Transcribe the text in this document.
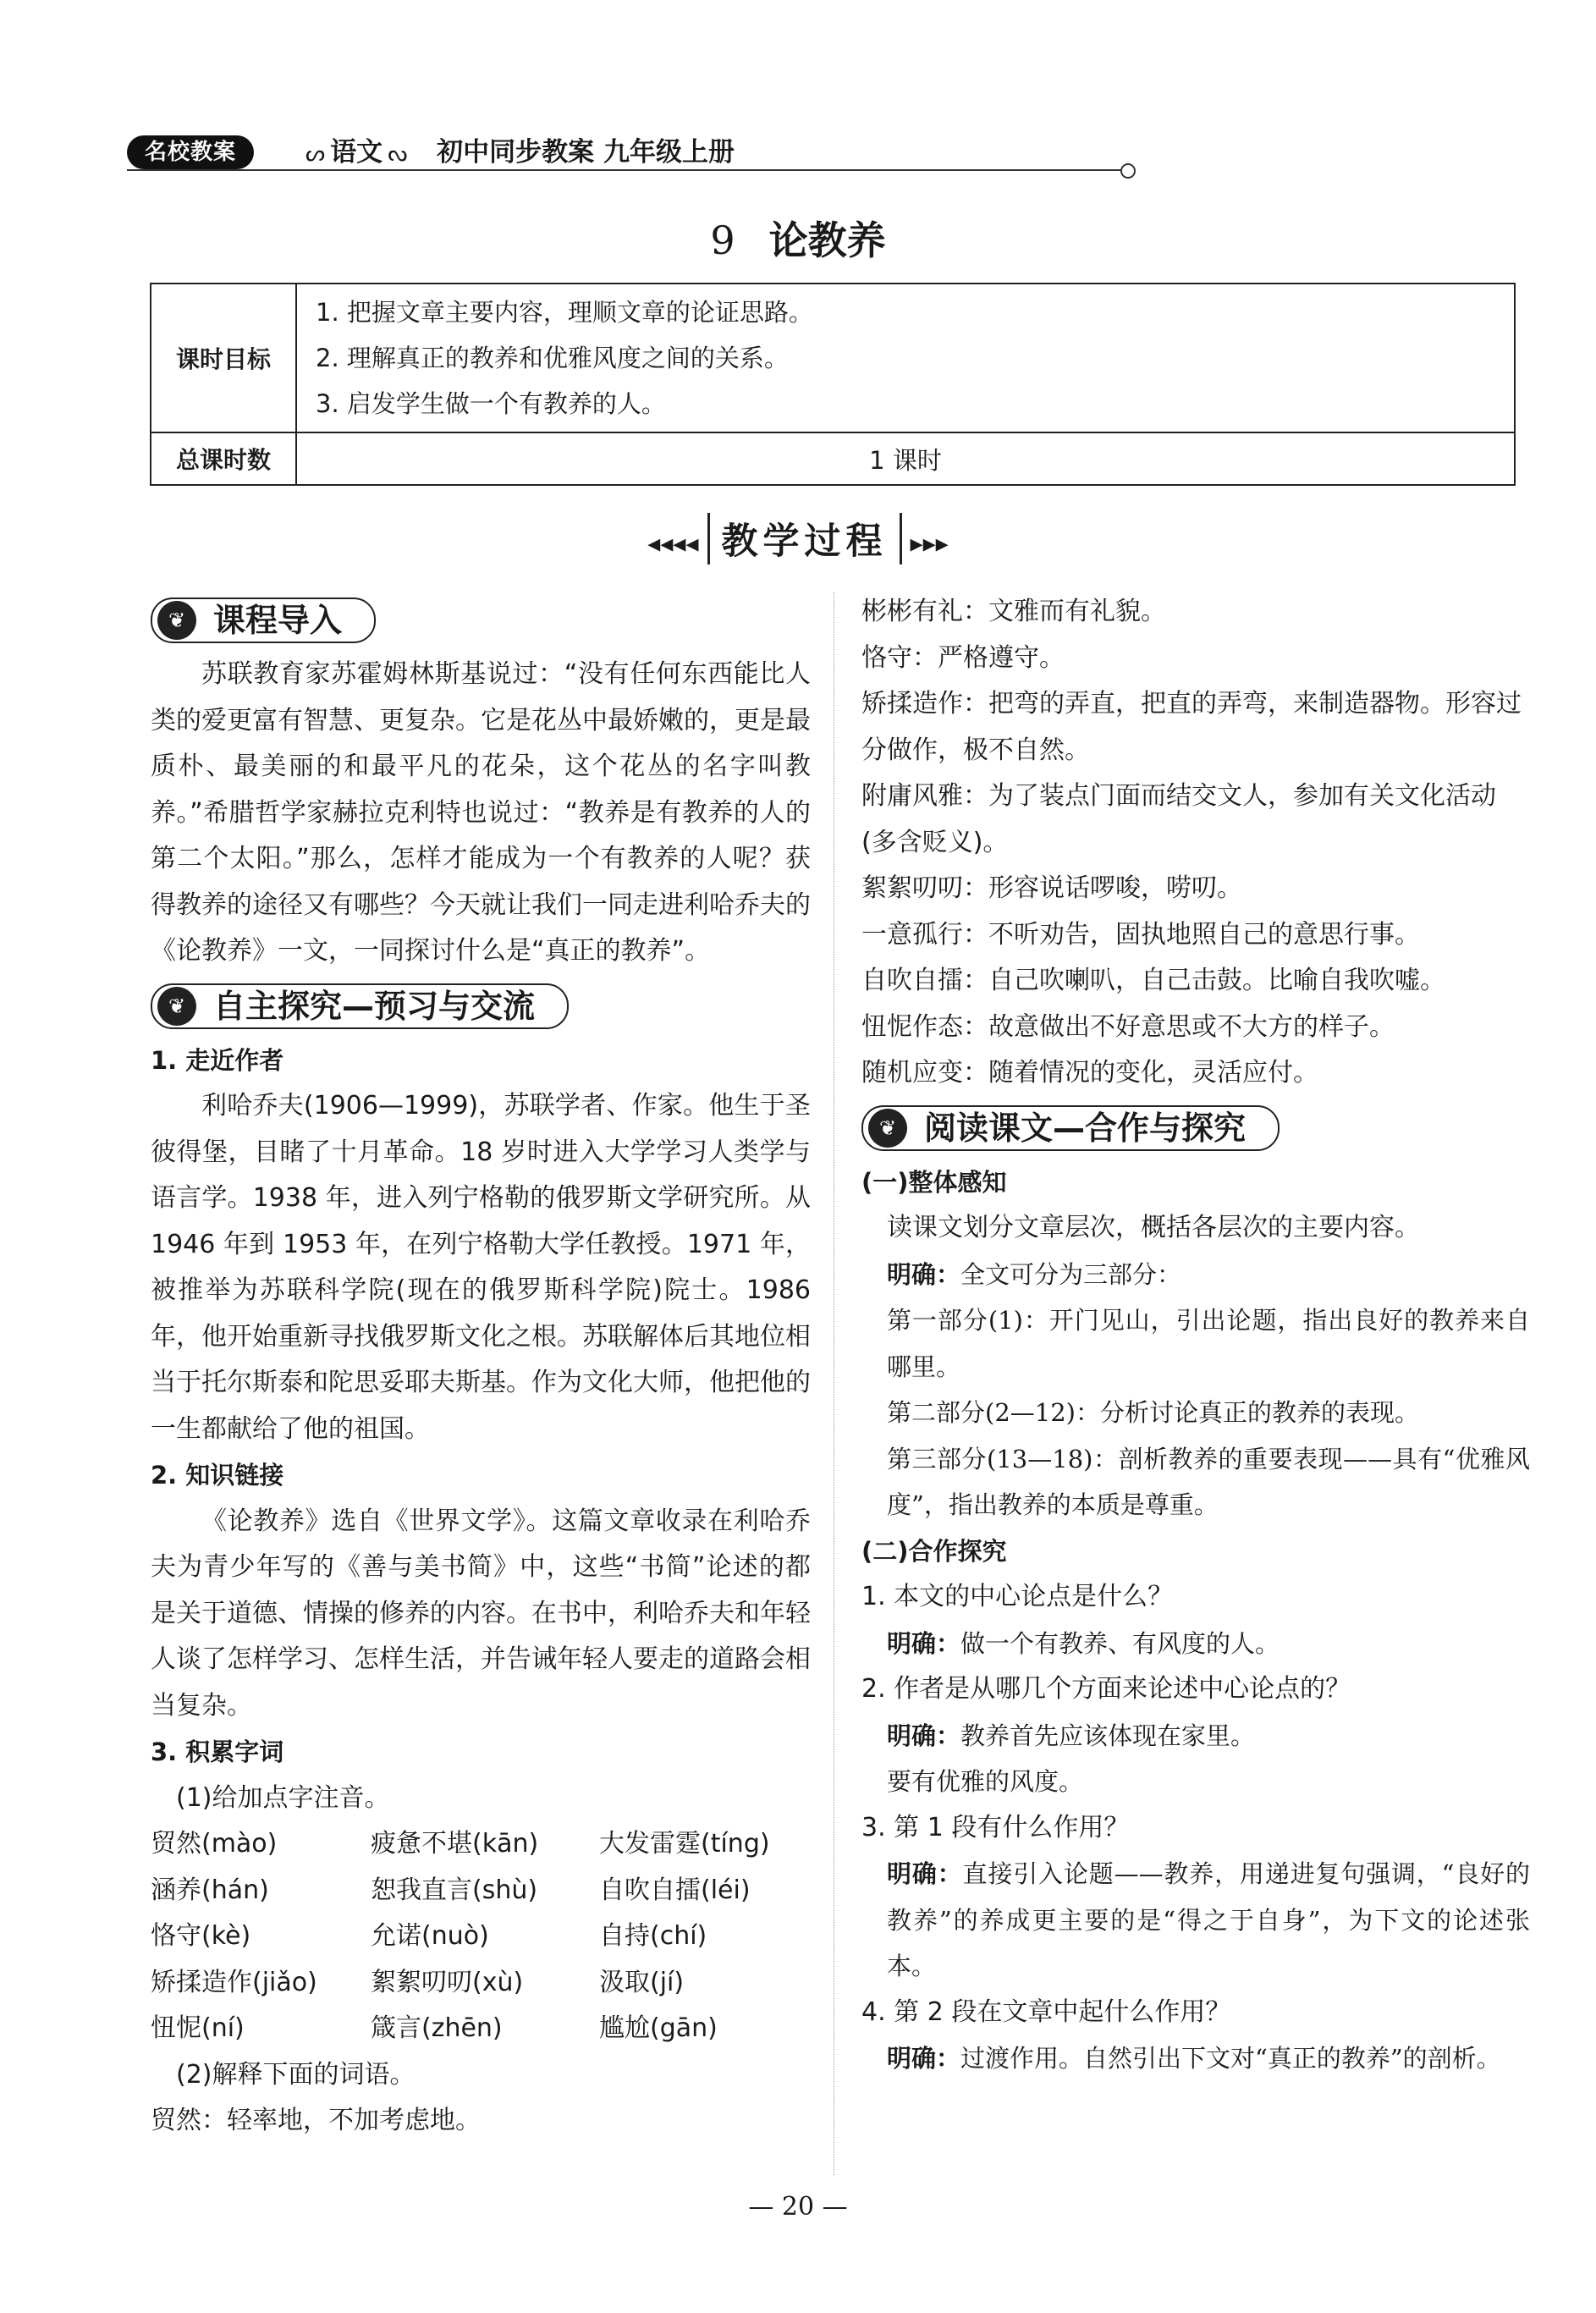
名校教案	ᔕ 语文 ᔓ 初中同步教案 九年级上册
9 论教养
课时目标	1. 把握文章主要内容，理顺文章的论证思路。
2. 理解真正的教养和优雅风度之间的关系。
3. 启发学生做一个有教养的人。

总课时数	1 课时
◂◂◂◂ 教学过程 ▸▸▸
❦ 课程导入
苏联教育家苏霍姆林斯基说过：“没有任何东西能比人类的爱更富有智慧、更复杂。它是花丛中最娇嫩的，更是最质朴、最美丽的和最平凡的花朵，这个花丛的名字叫教养。”希腊哲学家赫拉克利特也说过：“教养是有教养的人的第二个太阳。”那么，怎样才能成为一个有教养的人呢？获得教养的途径又有哪些？今天就让我们一同走进利哈乔夫的《论教养》一文，一同探讨什么是“真正的教养”。
❦ 自主探究—预习与交流
1. 走近作者
利哈乔夫(1906—1999)，苏联学者、作家。他生于圣彼得堡，目睹了十月革命。18 岁时进入大学学习人类学与语言学。1938 年，进入列宁格勒的俄罗斯文学研究所。从 1946 年到 1953 年，在列宁格勒大学任教授。1971 年，被推举为苏联科学院(现在的俄罗斯科学院)院士。1986 年，他开始重新寻找俄罗斯文化之根。苏联解体后其地位相当于托尔斯泰和陀思妥耶夫斯基。作为文化大师，他把他的一生都献给了他的祖国。
2. 知识链接
《论教养》选自《世界文学》。这篇文章收录在利哈乔夫为青少年写的《善与美书简》中，这些“书简”论述的都是关于道德、情操的修养的内容。在书中，利哈乔夫和年轻人谈了怎样学习、怎样生活，并告诫年轻人要走的道路会相当复杂。
3. 积累字词
(1)给加点字注音。
贸然(mào)	疲惫不堪(kān)	大发雷霆(tíng)
涵养(hán)	恕我直言(shù)	自吹自擂(léi)
恪守(kè)	允诺(nuò)	自持(chí)
矫揉造作(jiǎo)	絮絮叨叨(xù)	汲取(jí)
忸怩(ní)	箴言(zhēn)	尴尬(gān)
(2)解释下面的词语。
贸然：轻率地，不加考虑地。
彬彬有礼：文雅而有礼貌。
恪守：严格遵守。
矫揉造作：把弯的弄直，把直的弄弯，来制造器物。形容过分做作，极不自然。
附庸风雅：为了装点门面而结交文人，参加有关文化活动(多含贬义)。
絮絮叨叨：形容说话啰唆，唠叨。
一意孤行：不听劝告，固执地照自己的意思行事。
自吹自擂：自己吹喇叭，自己击鼓。比喻自我吹嘘。
忸怩作态：故意做出不好意思或不大方的样子。
随机应变：随着情况的变化，灵活应付。
❦ 阅读课文—合作与探究
(一)整体感知
读课文划分文章层次，概括各层次的主要内容。
明确：全文可分为三部分：
第一部分(1)：开门见山，引出论题，指出良好的教养来自哪里。
第二部分(2—12)：分析讨论真正的教养的表现。
第三部分(13—18)：剖析教养的重要表现——具有“优雅风度”，指出教养的本质是尊重。
(二)合作探究
1. 本文的中心论点是什么？
明确：做一个有教养、有风度的人。
2. 作者是从哪几个方面来论述中心论点的？
明确：教养首先应该体现在家里。
要有优雅的风度。
3. 第 1 段有什么作用？
明确：直接引入论题——教养，用递进复句强调，“良好的教养”的养成更主要的是“得之于自身”，为下文的论述张本。
4. 第 2 段在文章中起什么作用？
明确：过渡作用。自然引出下文对“真正的教养”的剖析。
— 20 —
